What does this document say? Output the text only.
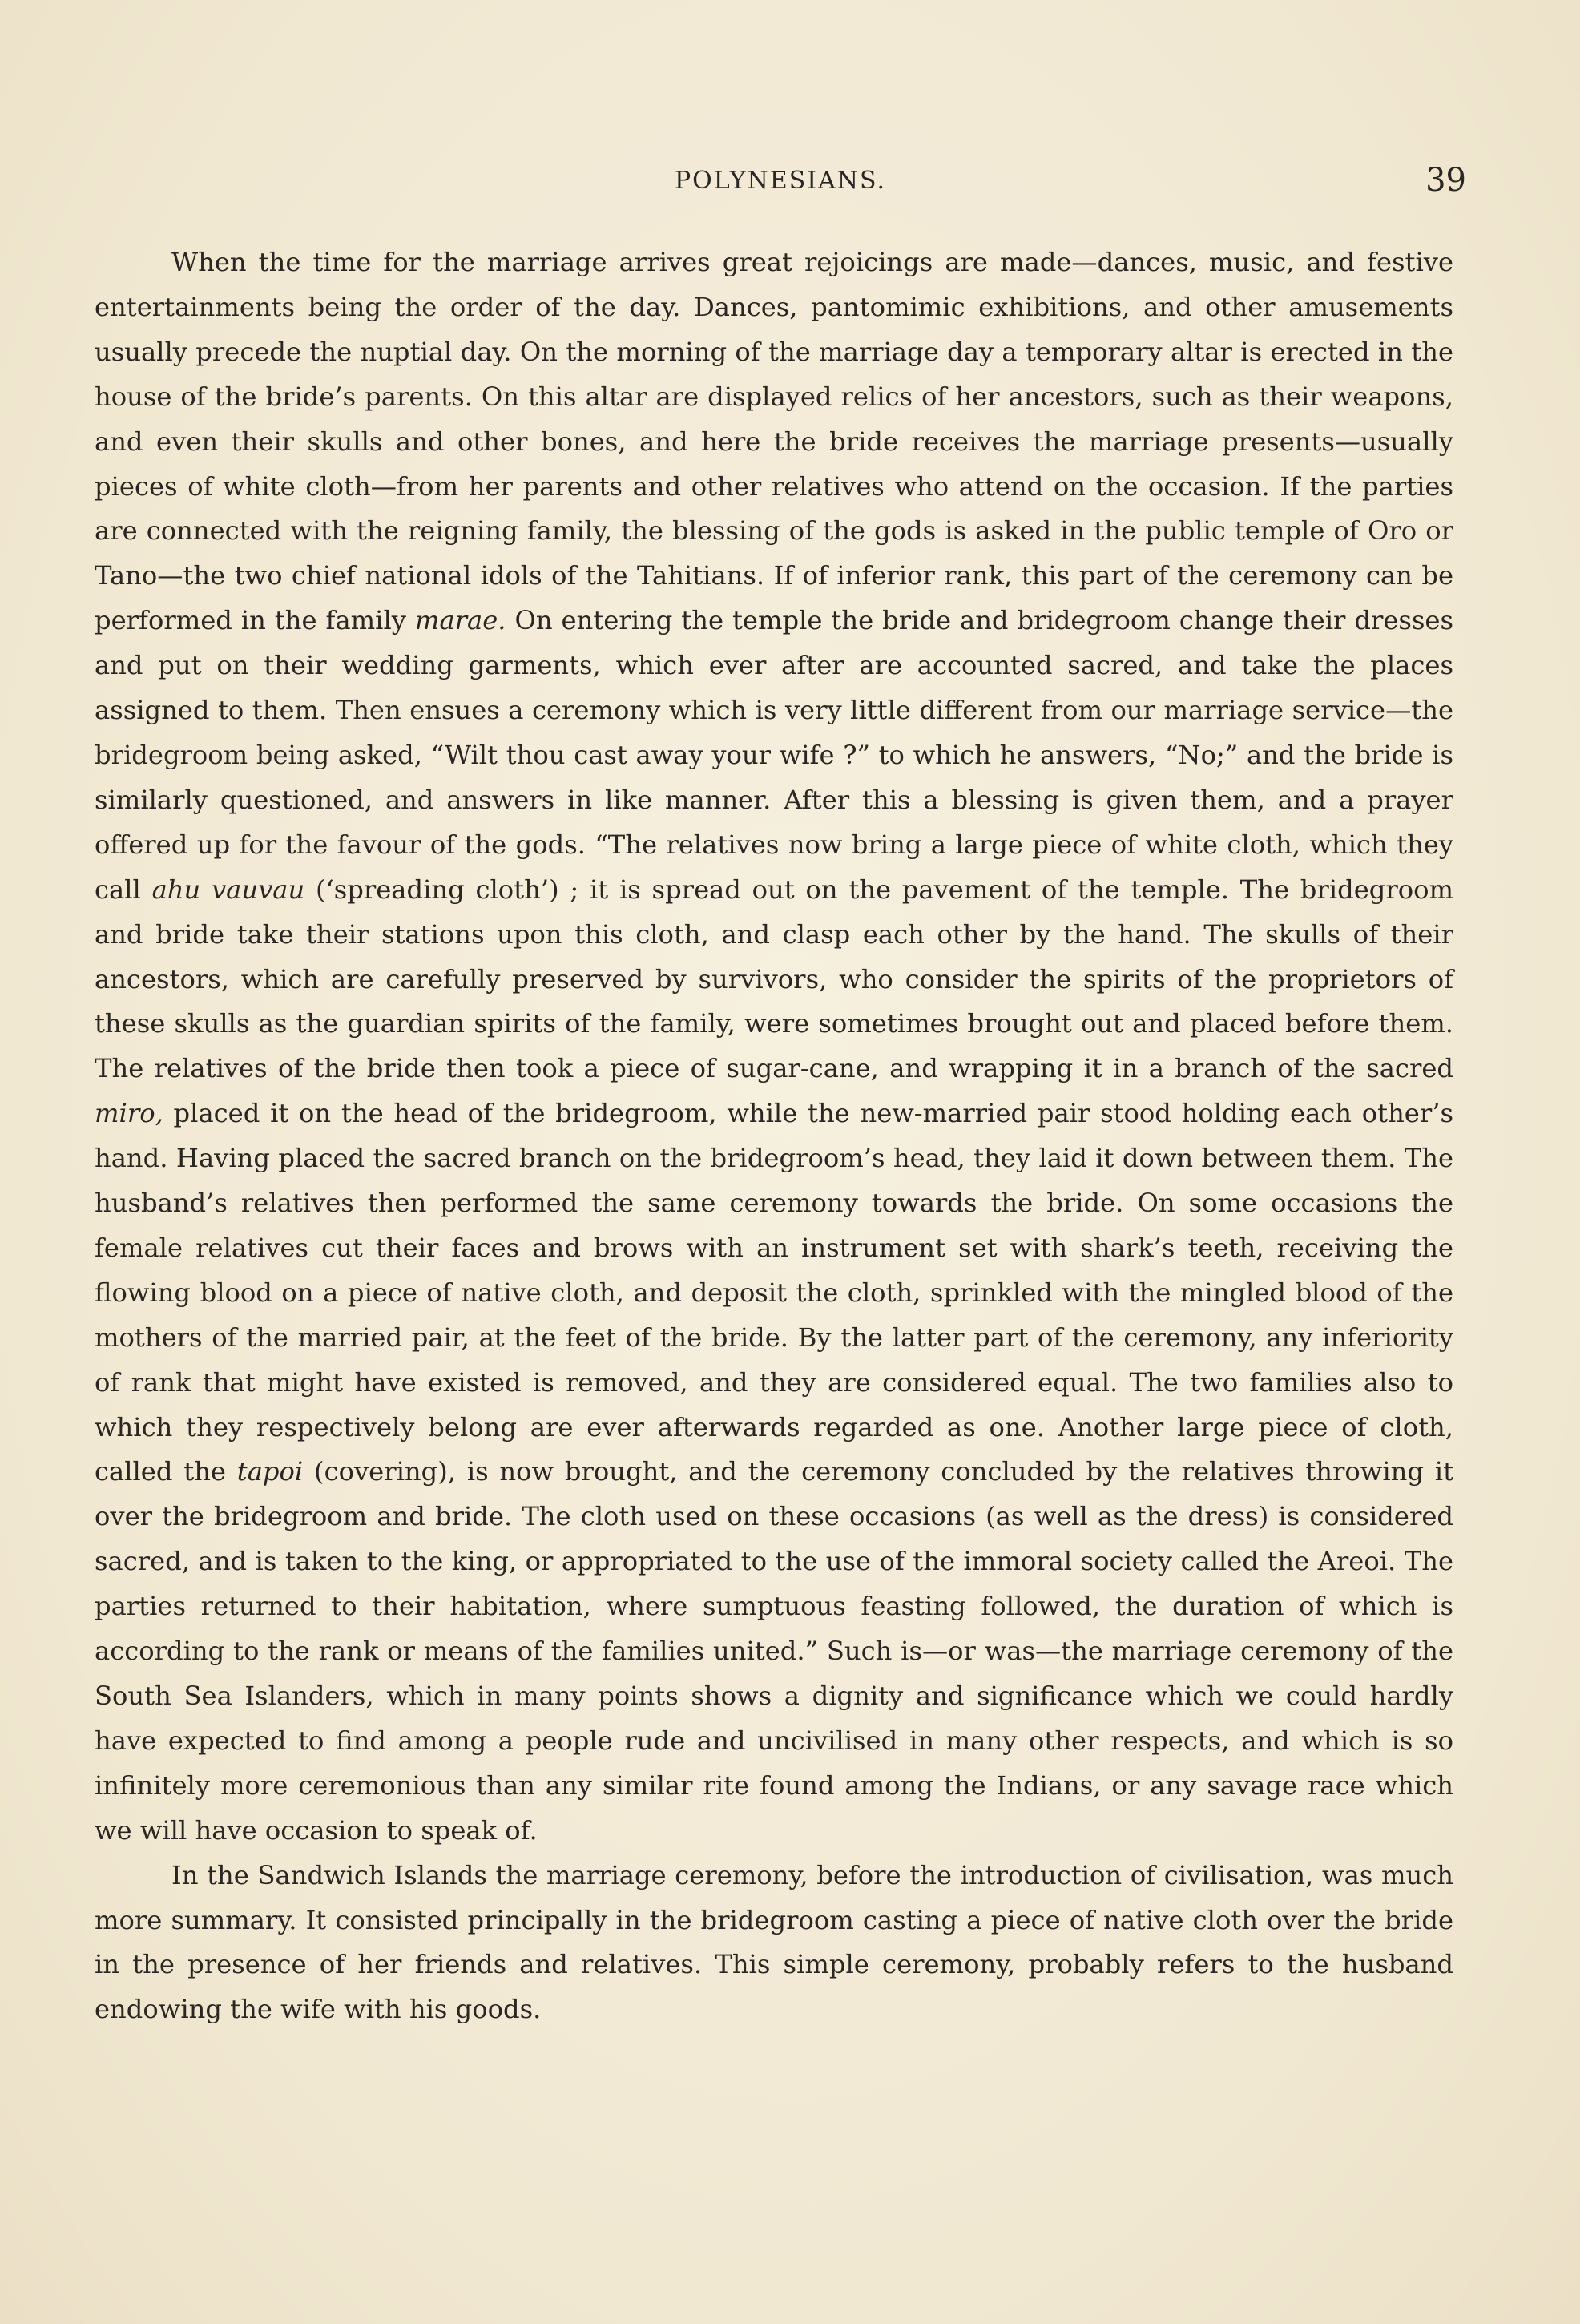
POLYNESIANS.	39

When the time for the marriage arrives great rejoicings are made—dances, music, and festive entertainments being the order of the day. Dances, pantomimic exhibitions, and other amusements usually precede the nuptial day. On the morning of the marriage day a temporary altar is erected in the house of the bride’s parents. On this altar are displayed relics of her ancestors, such as their weapons, and even their skulls and other bones, and here the bride receives the marriage presents—usually pieces of white cloth—from her parents and other relatives who attend on the occasion. If the parties are connected with the reigning family, the blessing of the gods is asked in the public temple of Oro or Tano—the two chief national idols of the Tahitians. If of inferior rank, this part of the ceremony can be performed in the family marae. On entering the temple the bride and bridegroom change their dresses and put on their wedding garments, which ever after are accounted sacred, and take the places assigned to them. Then ensues a ceremony which is very little different from our marriage service—the bridegroom being asked, “Wilt thou cast away your wife ?” to which he answers, “No;” and the bride is similarly questioned, and answers in like manner. After this a blessing is given them, and a prayer offered up for the favour of the gods. “The relatives now bring a large piece of white cloth, which they call ahu vauvau (‘spreading cloth’) ; it is spread out on the pavement of the temple. The bridegroom and bride take their stations upon this cloth, and clasp each other by the hand. The skulls of their ancestors, which are carefully preserved by survivors, who consider the spirits of the proprietors of these skulls as the guardian spirits of the family, were sometimes brought out and placed before them. The relatives of the bride then took a piece of sugar-cane, and wrapping it in a branch of the sacred miro, placed it on the head of the bridegroom, while the new-married pair stood holding each other’s hand. Having placed the sacred branch on the bridegroom’s head, they laid it down between them. The husband’s relatives then performed the same ceremony towards the bride. On some occasions the female relatives cut their faces and brows with an instrument set with shark’s teeth, receiving the flowing blood on a piece of native cloth, and deposit the cloth, sprinkled with the mingled blood of the mothers of the married pair, at the feet of the bride. By the latter part of the ceremony, any inferiority of rank that might have existed is removed, and they are considered equal. The two families also to which they respectively belong are ever afterwards regarded as one. Another large piece of cloth, called the tapoi (covering), is now brought, and the ceremony concluded by the relatives throwing it over the bridegroom and bride. The cloth used on these occasions (as well as the dress) is considered sacred, and is taken to the king, or appropriated to the use of the immoral society called the Areoi. The parties returned to their habitation, where sumptuous feasting followed, the duration of which is according to the rank or means of the families united.” Such is—or was—the marriage ceremony of the South Sea Islanders, which in many points shows a dignity and significance which we could hardly have expected to find among a people rude and uncivilised in many other respects, and which is so infinitely more ceremonious than any similar rite found among the Indians, or any savage race which we will have occasion to speak of.

In the Sandwich Islands the marriage ceremony, before the introduction of civilisation, was much more summary. It consisted principally in the bridegroom casting a piece of native cloth over the bride in the presence of her friends and relatives. This simple ceremony, probably refers to the husband endowing the wife with his goods.
